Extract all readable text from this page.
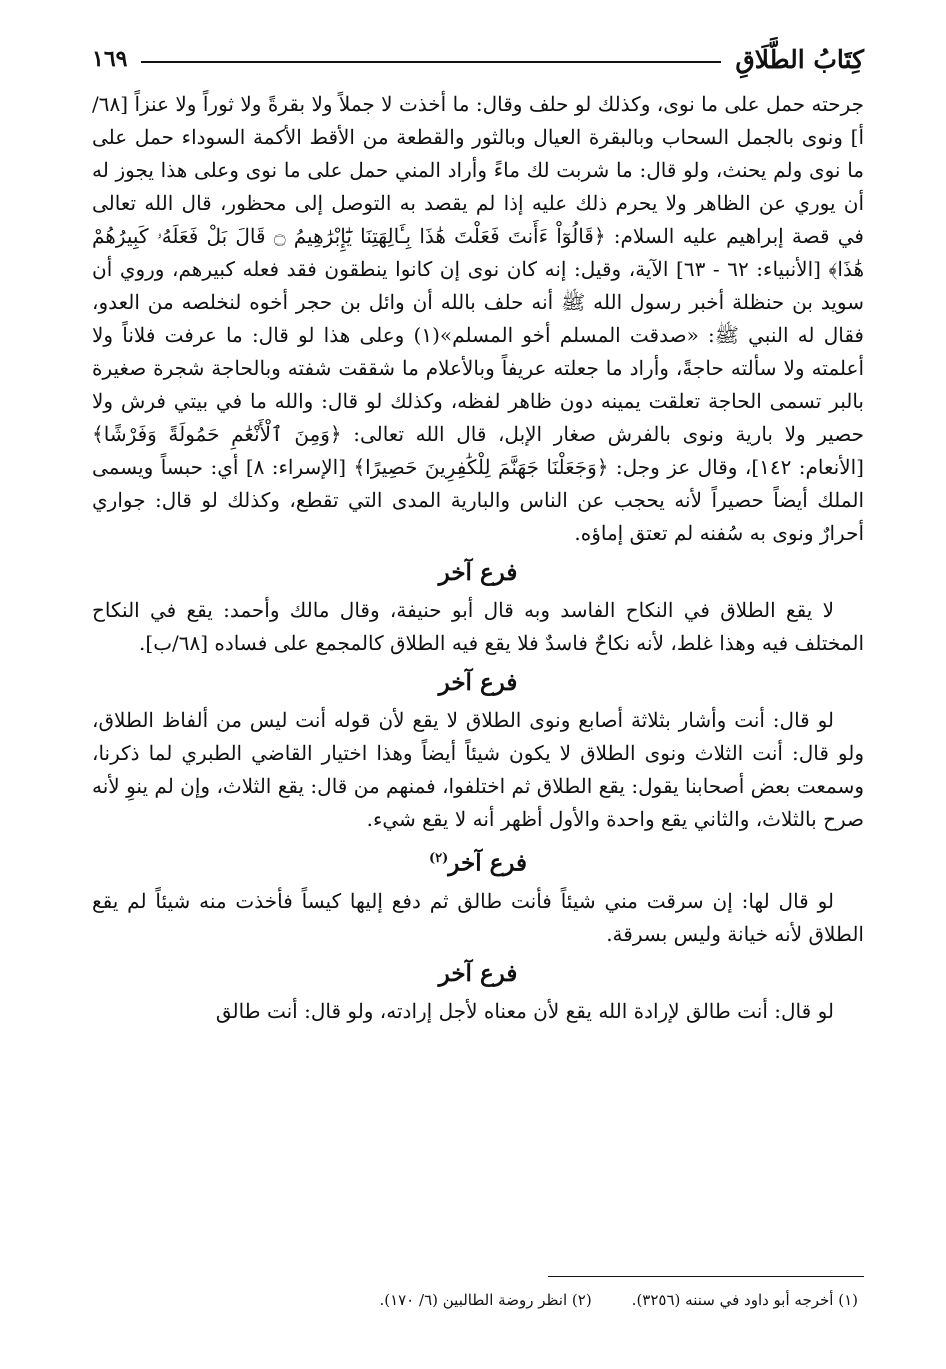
كِتَابُ الطَّلَاقِ
١٦٩

جرحته حمل على ما نوى، وكذلك لو حلف وقال: ما أخذت لا جملاً ولا بقرةً ولا ثوراً ولا عنزاً [٦٨/أ] ونوى بالجمل السحاب وبالبقرة العيال وبالثور والقطعة من الأقط الأكمة السوداء حمل على ما نوى ولم يحنث، ولو قال: ما شربت لك ماءً وأراد المني حمل على ما نوى وعلى هذا يجوز له أن يوري عن الظاهر ولا يحرم ذلك عليه إذا لم يقصد به التوصل إلى محظور، قال الله تعالى في قصة إبراهيم عليه السلام: ﴿قَالُوٓاْ ءَأَنتَ فَعَلْتَ هَٰذَا بِـَٔالِهَتِنَا يَٰٓإِبْرَٰهِيمُ ۝ قَالَ بَلْ فَعَلَهُۥ كَبِيرُهُمْ هَٰذَا﴾ [الأنبياء: ٦٢ - ٦٣] الآية، وقيل: إنه كان نوى إن كانوا ينطقون فقد فعله كبيرهم، وروي أن سويد بن حنظلة أخبر رسول الله ﷺ أنه حلف بالله أن وائل بن حجر أخوه لنخلصه من العدو، فقال له النبي ﷺ: «صدقت المسلم أخو المسلم»(١) وعلى هذا لو قال: ما عرفت فلاناً ولا أعلمته ولا سألته حاجةً، وأراد ما جعلته عريفاً وبالأعلام ما شققت شفته وبالحاجة شجرة صغيرة بالبر تسمى الحاجة تعلقت يمينه دون ظاهر لفظه، وكذلك لو قال: والله ما في بيتي فرش ولا حصير ولا بارية ونوى بالفرش صغار الإبل، قال الله تعالى: ﴿وَمِنَ ٱلْأَنْعَٰمِ حَمُولَةً وَفَرْشًا﴾ [الأنعام: ١٤٢]، وقال عز وجل: ﴿وَجَعَلْنَا جَهَنَّمَ لِلْكَٰفِرِينَ حَصِيرًا﴾ [الإسراء: ٨] أي: حبساً ويسمى الملك أيضاً حصيراً لأنه يحجب عن الناس والبارية المدى التي تقطع، وكذلك لو قال: جواري أحرارٌ ونوى به سُفنه لم تعتق إماؤه.

فرع آخر

لا يقع الطلاق في النكاح الفاسد وبه قال أبو حنيفة، وقال مالك وأحمد: يقع في النكاح المختلف فيه وهذا غلط، لأنه نكاحٌ فاسدٌ فلا يقع فيه الطلاق كالمجمع على فساده [٦٨/ب].

فرع آخر

لو قال: أنت وأشار بثلاثة أصابع ونوى الطلاق لا يقع لأن قوله أنت ليس من ألفاظ الطلاق، ولو قال: أنت الثلاث ونوى الطلاق لا يكون شيئاً أيضاً وهذا اختيار القاضي الطبري لما ذكرنا، وسمعت بعض أصحابنا يقول: يقع الطلاق ثم اختلفوا، فمنهم من قال: يقع الثلاث، وإن لم ينوِ لأنه صرح بالثلاث، والثاني يقع واحدة والأول أظهر أنه لا يقع شيء.

فرع آخر$^{(٢)}$

لو قال لها: إن سرقت مني شيئاً فأنت طالق ثم دفع إليها كيساً فأخذت منه شيئاً لم يقع الطلاق لأنه خيانة وليس بسرقة.

فرع آخر

لو قال: أنت طالق لإرادة الله يقع لأن معناه لأجل إرادته، ولو قال: أنت طالق

(١) أخرجه أبو داود في سننه (٣٢٥٦).
(٢) انظر روضة الطالبين (٦/ ١٧٠).
